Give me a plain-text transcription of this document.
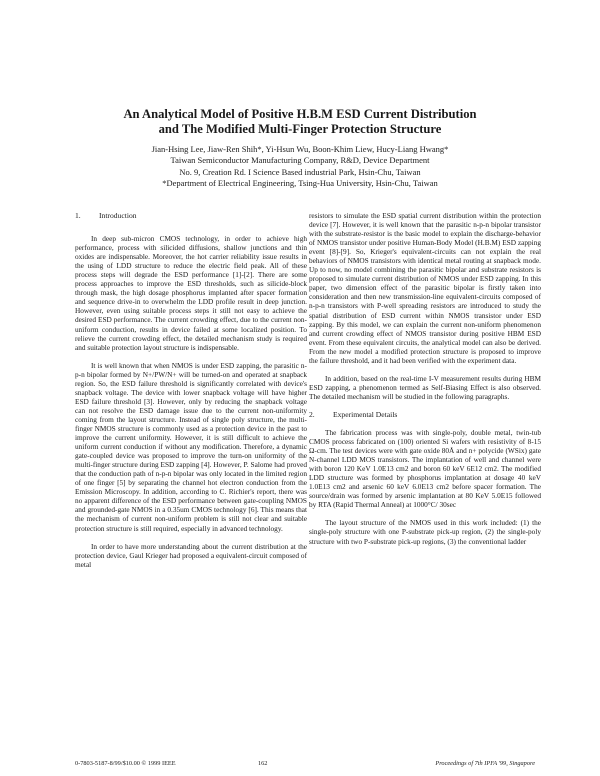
An Analytical Model of Positive H.B.M ESD Current Distribution
and The Modified Multi-Finger Protection Structure
Jian-Hsing Lee, Jiaw-Ren Shih*, Yi-Hsun Wu, Boon-Khim Liew, Hucy-Liang Hwang*
Taiwan Semiconductor Manufacturing Company, R&D, Device Department
No. 9, Creation Rd. I Science Based industrial Park, Hsin-Chu, Taiwan
*Department of Electrical Engineering, Tsing-Hua University, Hsin-Chu, Taiwan
1. Introduction

In deep sub-micron CMOS technology, in order to achieve high performance, process with silicided diffusions, shallow junctions and thin oxides are indispensable. Moreover, the hot carrier reliability issue results in the using of LDD structure to reduce the electric field peak. All of these process steps will degrade the ESD performance [1]-[2]. There are some process approaches to improve the ESD thresholds, such as silicide-block through mask, the high dosage phosphorus implanted after spacer formation and sequence drive-in to overwhelm the LDD profile result in deep junction. However, even using suitable process steps it still not easy to achieve the desired ESD performance. The current crowding effect, due to the current non-uniform conduction, results in device failed at some localized position. To relieve the current crowding effect, the detailed mechanism study is required and suitable protection layout structure is indispensable.

It is well known that when NMOS is under ESD zapping, the parasitic n-p-n bipolar formed by N+/PW/N+ will be turned-on and operated at snapback region. So, the ESD failure threshold is significantly correlated with device's snapback voltage. The device with lower snapback voltage will have higher ESD failure threshold [3]. However, only by reducing the snapback voltage can not resolve the ESD damage issue due to the current non-uniformity coming from the layout structure. Instead of single poly structure, the multi-finger NMOS structure is commonly used as a protection device in the past to improve the current uniformity. However, it is still difficult to achieve the uniform current conduction if without any modification. Therefore, a dynamic gate-coupled device was proposed to improve the turn-on uniformity of the multi-finger structure during ESD zapping [4]. However, P. Salome had proved that the conduction path of n-p-n bipolar was only located in the limited region of one finger [5] by separating the channel hot electron conduction from the Emission Microscopy. In addition, according to C. Richier's report, there was no apparent difference of the ESD performance between gate-coupling NMOS and grounded-gate NMOS in a 0.35um CMOS technology [6]. This means that the mechanism of current non-uniform problem is still not clear and suitable protection structure is still required, especially in advanced technology.

In order to have more understanding about the current distribution at the protection device, Gaul Krieger had proposed a equivalent-circuit composed of metal

resistors to simulate the ESD spatial current distribution within the protection device [7]. However, it is well known that the parasitic n-p-n bipolar transistor with the substrate-resistor is the basic model to explain the discharge-behavior of NMOS transistor under positive Human-Body Model (H.B.M) ESD zapping event [8]-[9]. So, Krieger's equivalent-circuits can not explain the real behaviors of NMOS transistors with identical metal routing at snapback mode. Up to now, no model combining the parasitic bipolar and substrate resistors is proposed to simulate current distribution of NMOS under ESD zapping. In this paper, two dimension effect of the parasitic bipolar is firstly taken into consideration and then new transmission-line equivalent-circuits composed of n-p-n transistors with P-well spreading resistors are introduced to study the spatial distribution of ESD current within NMOS transistor under ESD zapping. By this model, we can explain the current non-uniform phenomenon and current crowding effect of NMOS transistor during positive HBM ESD event. From these equivalent circuits, the analytical model can also be derived. From the new model a modified protection structure is proposed to improve the failure threshold, and it had been verified with the experiment data.

In addition, based on the real-time I-V measurement results during HBM ESD zapping, a phenomenon termed as Self-Biasing Effect is also observed. The detailed mechanism will be studied in the following paragraphs.

2. Experimental Details

The fabrication process was with single-poly, double metal, twin-tub CMOS process fabricated on (100) oriented Si wafers with resistivity of 8-15 Ω-cm. The test devices were with gate oxide 80Å and n+ polycide (WSix) gate N-channel LDD MOS transistors. The implantation of well and channel were with boron 120 KeV 1.0E13 cm2 and boron 60 keV 6E12 cm2. The modified LDD structure was formed by phosphorus implantation at dosage 40 keV 1.0E13 cm2 and arsenic 60 keV 6.0E13 cm2 before spacer formation. The source/drain was formed by arsenic implantation at 80 KeV 5.0E15 followed by RTA (Rapid Thermal Anneal) at 1000°C/ 30sec

The layout structure of the NMOS used in this work included: (1) the single-poly structure with one P-substrate pick-up region, (2) the single-poly structure with two P-substrate pick-up regions, (3) the conventional ladder

0-7803-5187-8/99/$10.00 © 1999 IEEE	162	Proceedings of 7th IPFA '99, Singapore
